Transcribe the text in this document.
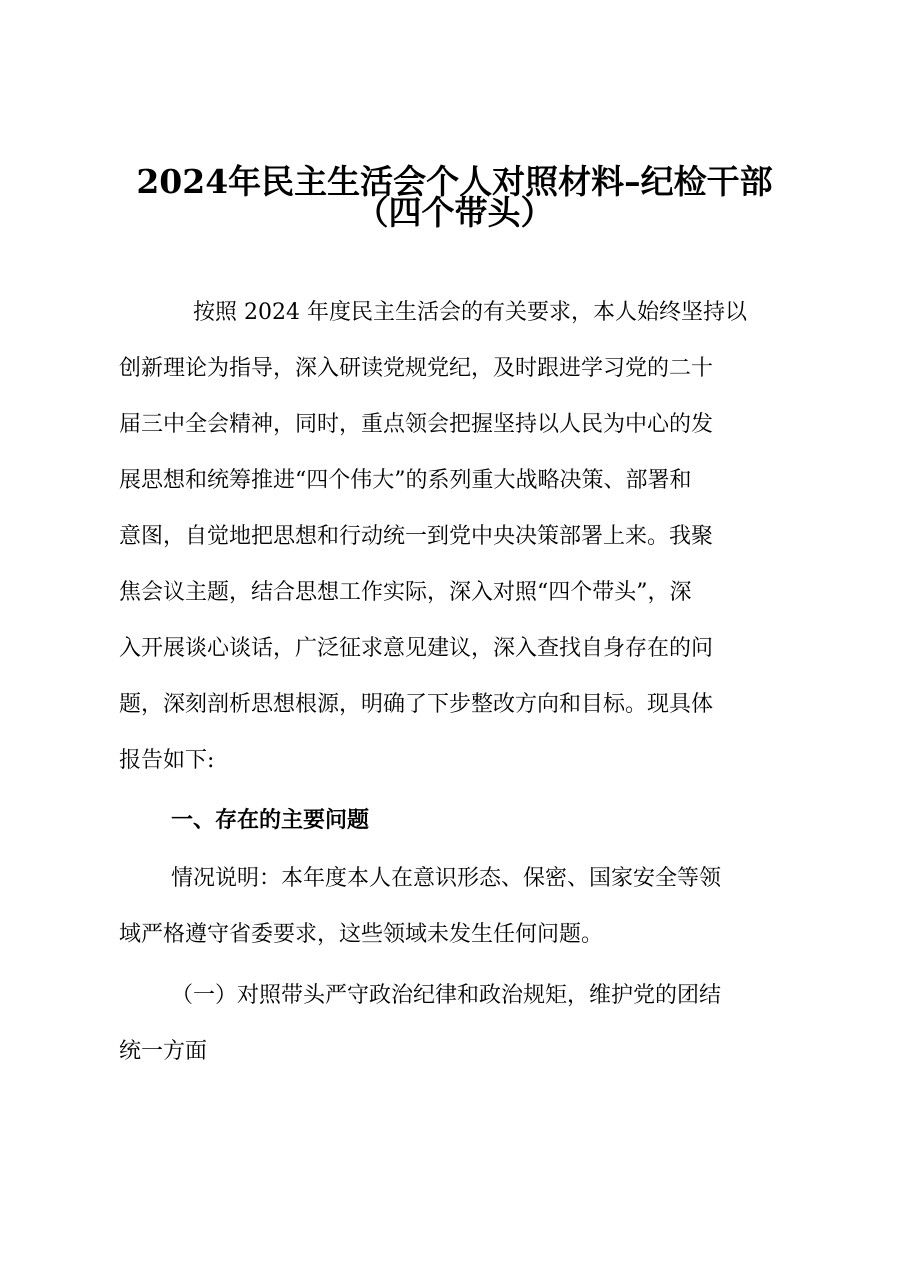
2024年民主生活会个人对照材料–纪检干部
（四个带头）
按照 2024 年度民主生活会的有关要求，本人始终坚持以
创新理论为指导，深入研读党规党纪，及时跟进学习党的二十
届三中全会精神，同时，重点领会把握坚持以人民为中心的发
展思想和统筹推进“四个伟大”的系列重大战略决策、部署和
意图，自觉地把思想和行动统一到党中央决策部署上来。我聚
焦会议主题，结合思想工作实际，深入对照“四个带头”，深
入开展谈心谈话，广泛征求意见建议，深入查找自身存在的问
题，深刻剖析思想根源，明确了下步整改方向和目标。现具体
报告如下:
一、存在的主要问题
情况说明：本年度本人在意识形态、保密、国家安全等领
域严格遵守省委要求，这些领域未发生任何问题。
（一）对照带头严守政治纪律和政治规矩，维护党的团结
统一方面
